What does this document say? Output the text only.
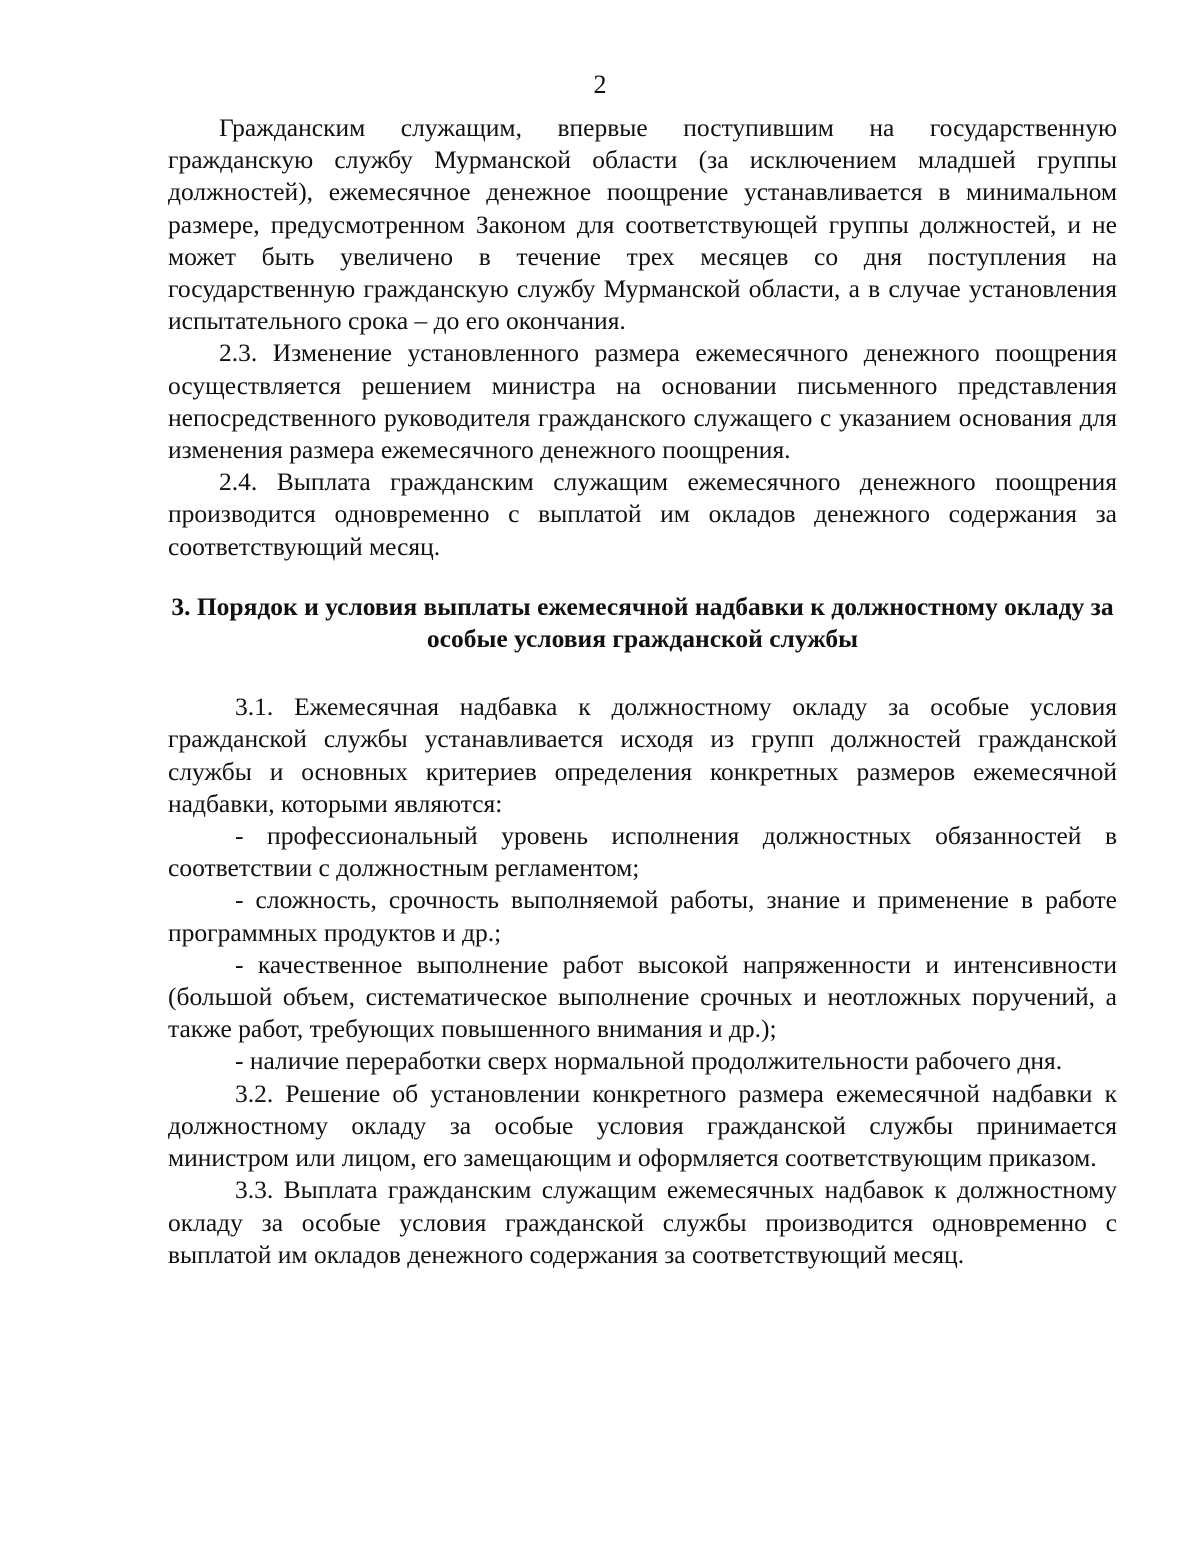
2

Гражданским служащим, впервые поступившим на государственную гражданскую службу Мурманской области (за исключением младшей группы должностей), ежемесячное денежное поощрение устанавливается в минимальном размере, предусмотренном Законом для соответствующей группы должностей, и не может быть увеличено в течение трех месяцев со дня поступления на государственную гражданскую службу Мурманской области, а в случае установления испытательного срока – до его окончания.

2.3. Изменение установленного размера ежемесячного денежного поощрения осуществляется решением министра на основании письменного представления непосредственного руководителя гражданского служащего с указанием основания для изменения размера ежемесячного денежного поощрения.

2.4. Выплата гражданским служащим ежемесячного денежного поощрения производится одновременно с выплатой им окладов денежного содержания за соответствующий месяц.

3. Порядок и условия выплаты ежемесячной надбавки к должностному окладу за особые условия гражданской службы

3.1. Ежемесячная надбавка к должностному окладу за особые условия гражданской службы устанавливается исходя из групп должностей гражданской службы и основных критериев определения конкретных размеров ежемесячной надбавки, которыми являются:

- профессиональный уровень исполнения должностных обязанностей в соответствии с должностным регламентом;

- сложность, срочность выполняемой работы, знание и применение в работе программных продуктов и др.;

- качественное выполнение работ высокой напряженности и интенсивности (большой объем, систематическое выполнение срочных и неотложных поручений, а также работ, требующих повышенного внимания и др.);

- наличие переработки сверх нормальной продолжительности рабочего дня.

3.2. Решение об установлении конкретного размера ежемесячной надбавки к должностному окладу за особые условия гражданской службы принимается министром или лицом, его замещающим и оформляется соответствующим приказом.

3.3. Выплата гражданским служащим ежемесячных надбавок к должностному окладу за особые условия гражданской службы производится одновременно с выплатой им окладов денежного содержания за соответствующий месяц.
